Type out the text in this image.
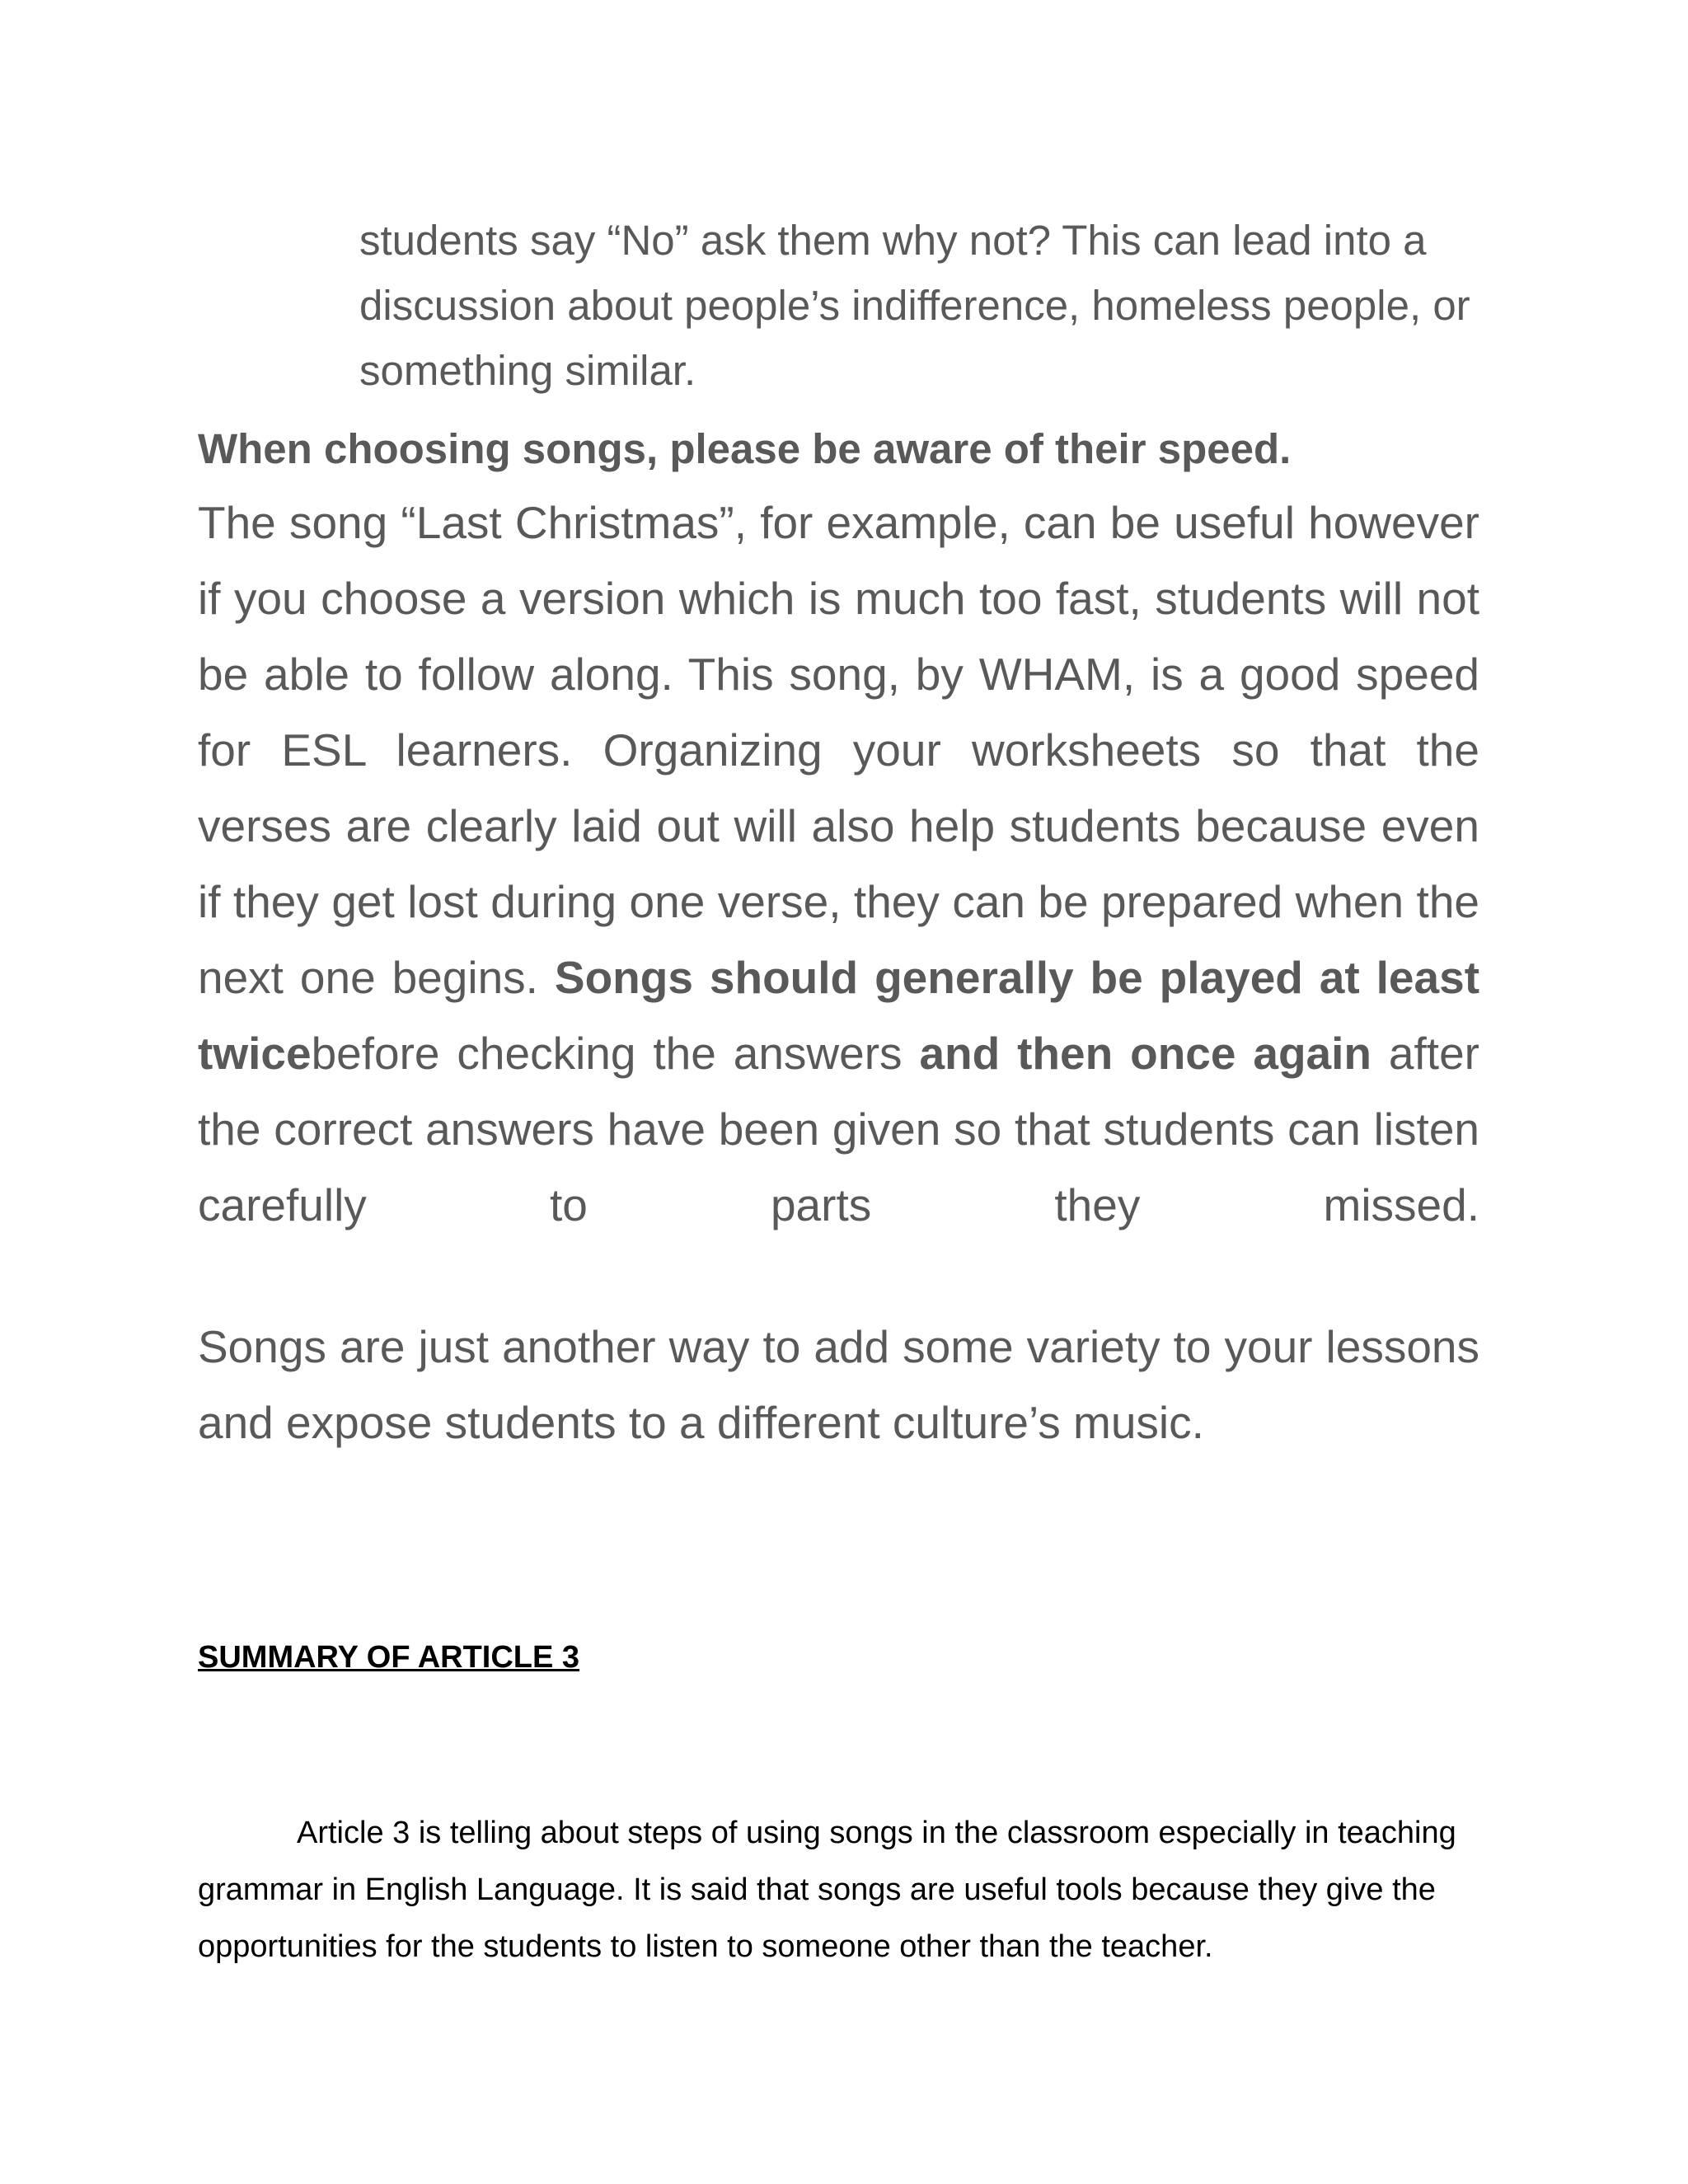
students say “No” ask them why not? This can lead into a

discussion about people’s indifference, homeless people, or

something similar.

When choosing songs, please be aware of their speed.

The song “Last Christmas”, for example, can be useful however if you choose a version which is much too fast, students will not be able to follow along. This song, by WHAM, is a good speed for ESL learners. Organizing your worksheets so that the verses are clearly laid out will also help students because even if they get lost during one verse, they can be prepared when the next one begins. Songs should generally be played at least twicebefore checking the answers and then once again after the correct answers have been given so that students can listen carefully to parts they missed.

Songs are just another way to add some variety to your lessons and expose students to a different culture’s music.

SUMMARY OF ARTICLE 3

Article 3 is telling about steps of using songs in the classroom especially in teaching grammar in English Language. It is said that songs are useful tools because they give the opportunities for the students to listen to someone other than the teacher.
